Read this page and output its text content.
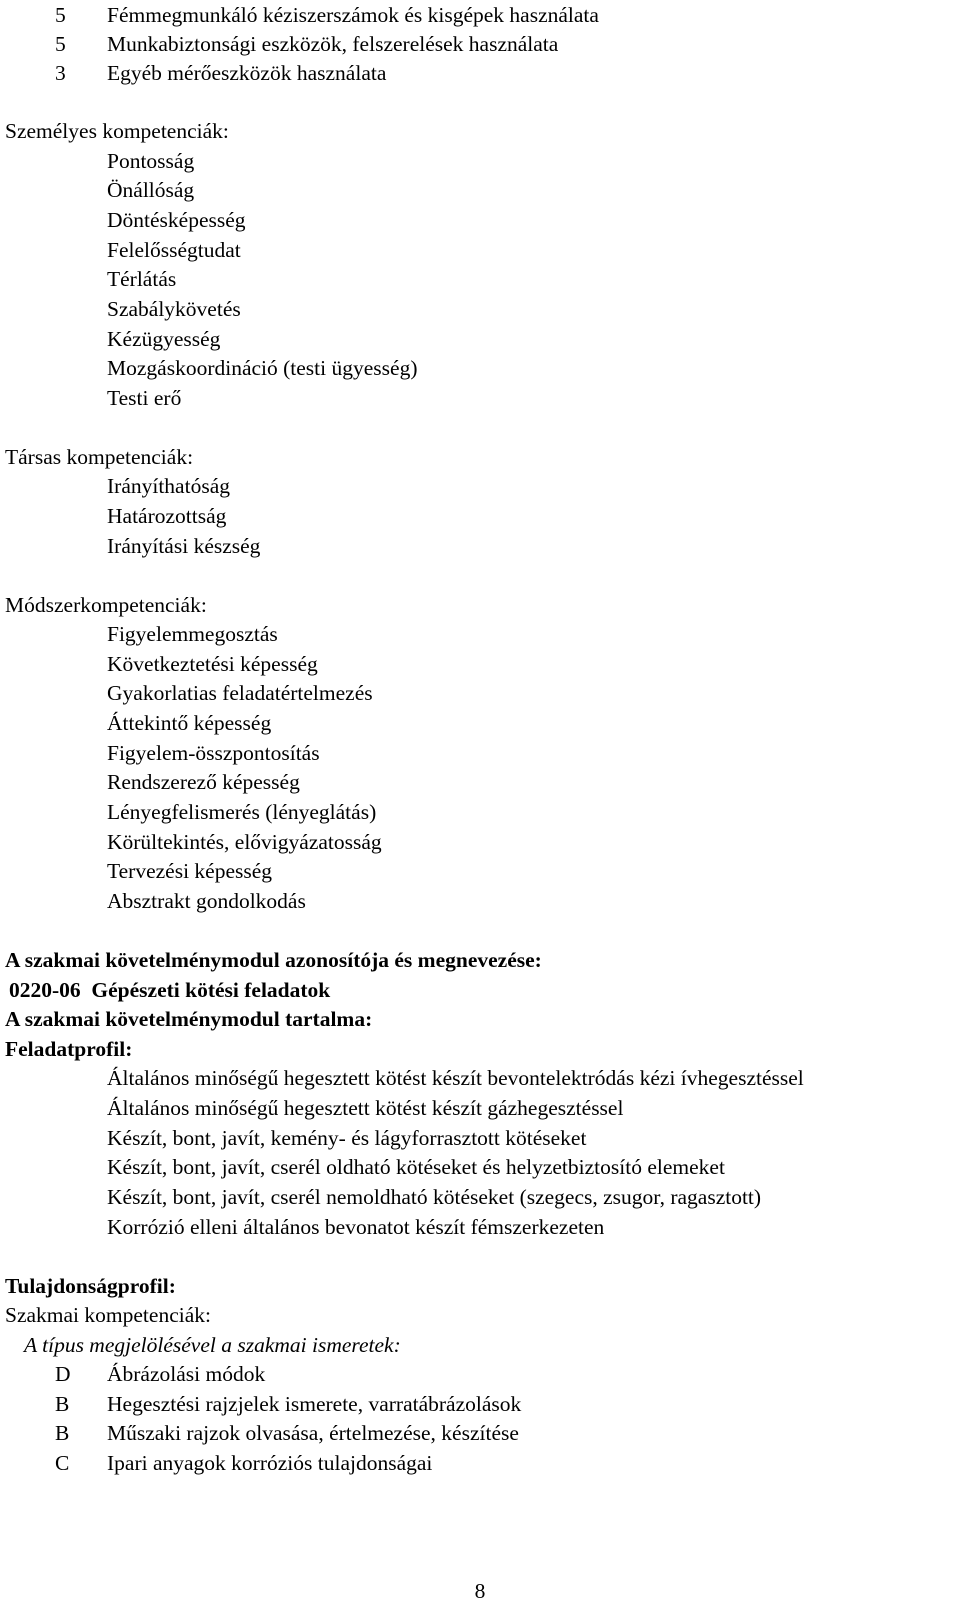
5	Fémmegmunkáló kéziszerszámok és kisgépek használata
5	Munkabiztonsági eszközök, felszerelések használata
3	Egyéb mérőeszközök használata
Személyes kompetenciák:
Pontosság
Önállóság
Döntésképesség
Felelősségtudat
Térlátás
Szabálykövetés
Kézügyesség
Mozgáskoordináció (testi ügyesség)
Testi erő
Társas kompetenciák:
Irányíthatóság
Határozottság
Irányítási készség
Módszerkompetenciák:
Figyelemmegosztás
Következtetési képesség
Gyakorlatias feladatértelmezés
Áttekintő képesség
Figyelem-összpontosítás
Rendszerező képesség
Lényegfelismerés (lényeglátás)
Körültekintés, elővigyázatosság
Tervezési képesség
Absztrakt gondolkodás
A szakmai követelménymodul azonosítója és megnevezése:
0220-06  Gépészeti kötési feladatok
A szakmai követelménymodul tartalma:
Feladatprofil:
Általános minőségű hegesztett kötést készít bevontelektródás kézi ívhegesztéssel
Általános minőségű hegesztett kötést készít gázhegesztéssel
Készít, bont, javít, kemény- és lágyforrasztott kötéseket
Készít, bont, javít, cserél oldható kötéseket és helyzetbiztosító elemeket
Készít, bont, javít, cserél nemoldható kötéseket (szegecs, zsugor, ragasztott)
Korrózió elleni általános bevonatot készít fémszerkezeten
Tulajdonságprofil:
Szakmai kompetenciák:
A típus megjelölésével a szakmai ismeretek:
D	Ábrázolási módok
B	Hegesztési rajzjelek ismerete, varratábrázolások
B	Műszaki rajzok olvasása, értelmezése, készítése
C	Ipari anyagok korróziós tulajdonságai
8
